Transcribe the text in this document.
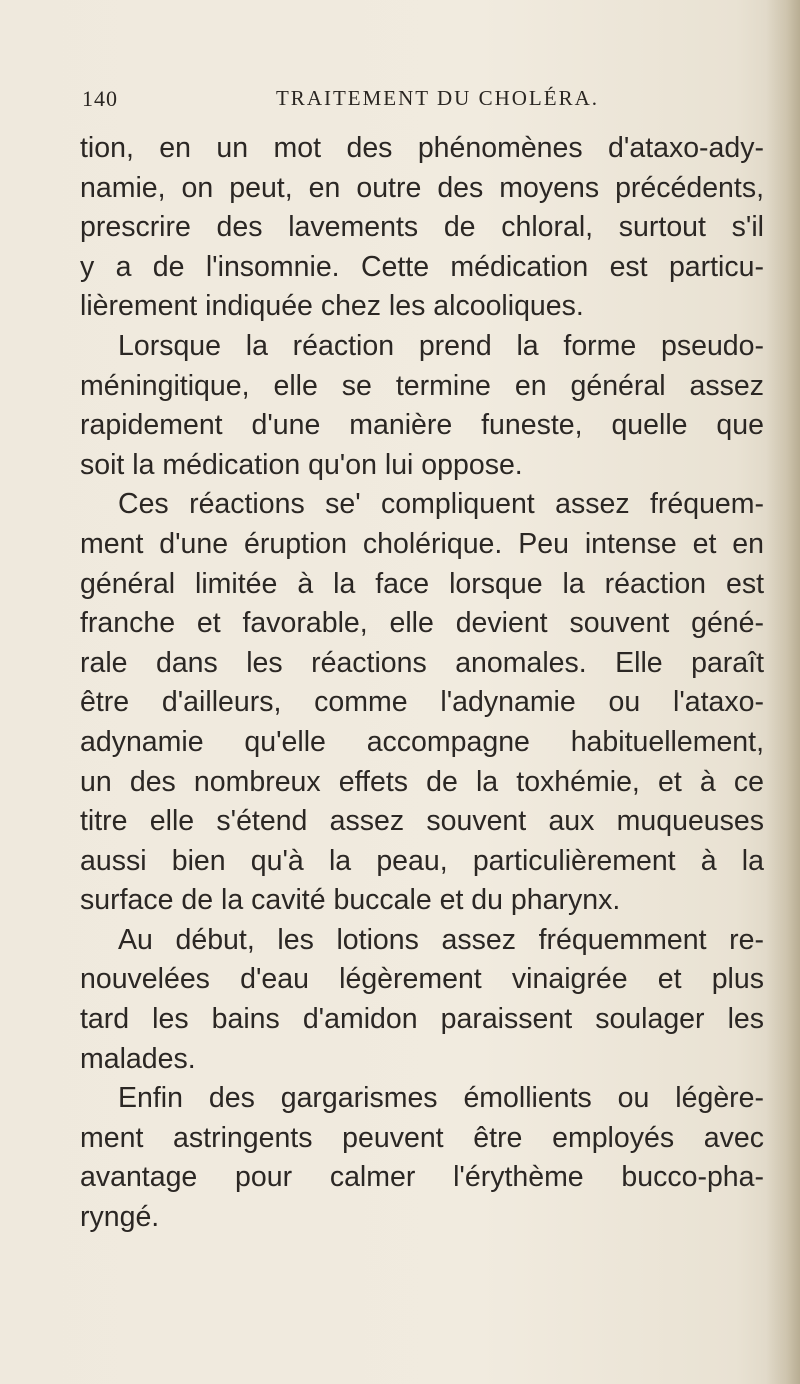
140	TRAITEMENT DU CHOLÉRA.
tion, en un mot des phénomènes d'ataxo-ady-
namie, on peut, en outre des moyens précédents,
prescrire des lavements de chloral, surtout s'il
y a de l'insomnie. Cette médication est particu-
lièrement indiquée chez les alcooliques.
Lorsque la réaction prend la forme pseudo-
méningitique, elle se termine en général assez
rapidement d'une manière funeste, quelle que
soit la médication qu'on lui oppose.
Ces réactions se' compliquent assez fréquem-
ment d'une éruption cholérique. Peu intense et en
général limitée à la face lorsque la réaction est
franche et favorable, elle devient souvent géné-
rale dans les réactions anomales. Elle paraît
être d'ailleurs, comme l'adynamie ou l'ataxo-
adynamie qu'elle accompagne habituellement,
un des nombreux effets de la toxhémie, et à ce
titre elle s'étend assez souvent aux muqueuses
aussi bien qu'à la peau, particulièrement à la
surface de la cavité buccale et du pharynx.
Au début, les lotions assez fréquemment re-
nouvelées d'eau légèrement vinaigrée et plus
tard les bains d'amidon paraissent soulager les
malades.
Enfin des gargarismes émollients ou légère-
ment astringents peuvent être employés avec
avantage pour calmer l'érythème bucco-pha-
ryngé.
